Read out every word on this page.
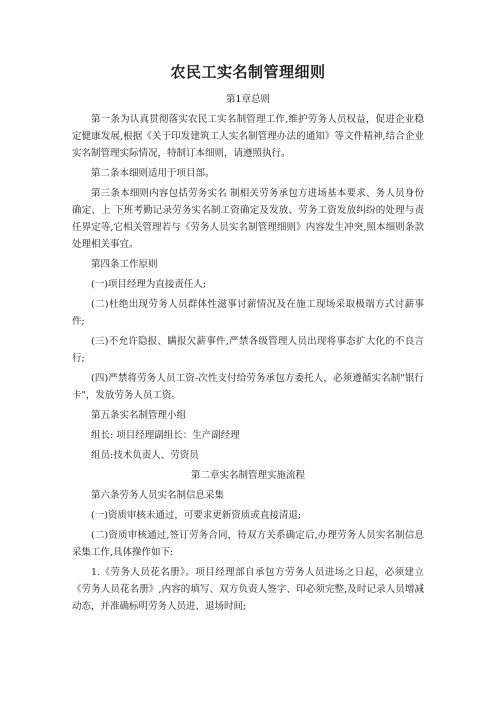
农民工实名制管理细则
第1章总则

第一条为认真贯彻落实农民工实名制管理工作,维护劳务人员权益，促进企业稳定健康发展,根据《关于印发建筑工人实名制管理办法的通知》等文件精神,结合企业实名制管理实际情况，特制订本细则，请遵照执行。

第二条本细则适用于项目部。

第三条本细则内容包括劳务实名 制相关劳务承包方进场基本要求、务人员身份确定、上 下班考勤记录劳务实名制工资确定及发放、劳务工资发放纠纷的处理与责任界定等,它相关管理若与《劳务人员实名制管理细则》内容发生冲突,照本细则条款处理相关事宜。

第四条工作原则

(一)项目经理为直接责任人;

(二)杜绝出现劳务人员群体性滋事讨薪情况及在施工现场采取极端方式讨薪事件;

(三)不允许隐报、瞒报欠薪事件,严禁各级管理人员出现将事态扩大化的不良言行;

(四)严禁将劳务人员工资-次性支付给劳务承包方委托人，必须遵循实名制"银行卡"，发放劳务人员工资。

第五条实名制管理小组

组长: 项目经理副组长：生产副经理

组员:技术负责人、劳资员

第二章实名制管理实施流程

第六条劳务人员实名制信息采集

(一)资质审核未通过，可要求更新资质或直接清退;

(二)资质审核通过,签订劳务合同，待双方关系确定后,办理劳务人员实名制信息采集工作,具体操作如下:

1.《劳务人员花名册》。项目经理部自承包方劳务人员进场之日起，必须建立《劳务人员花名册》,内容的填写、双方负责人签字、印必须完整,及时记录人员增减动态，并准确标明劳务人员进、退场时间;
